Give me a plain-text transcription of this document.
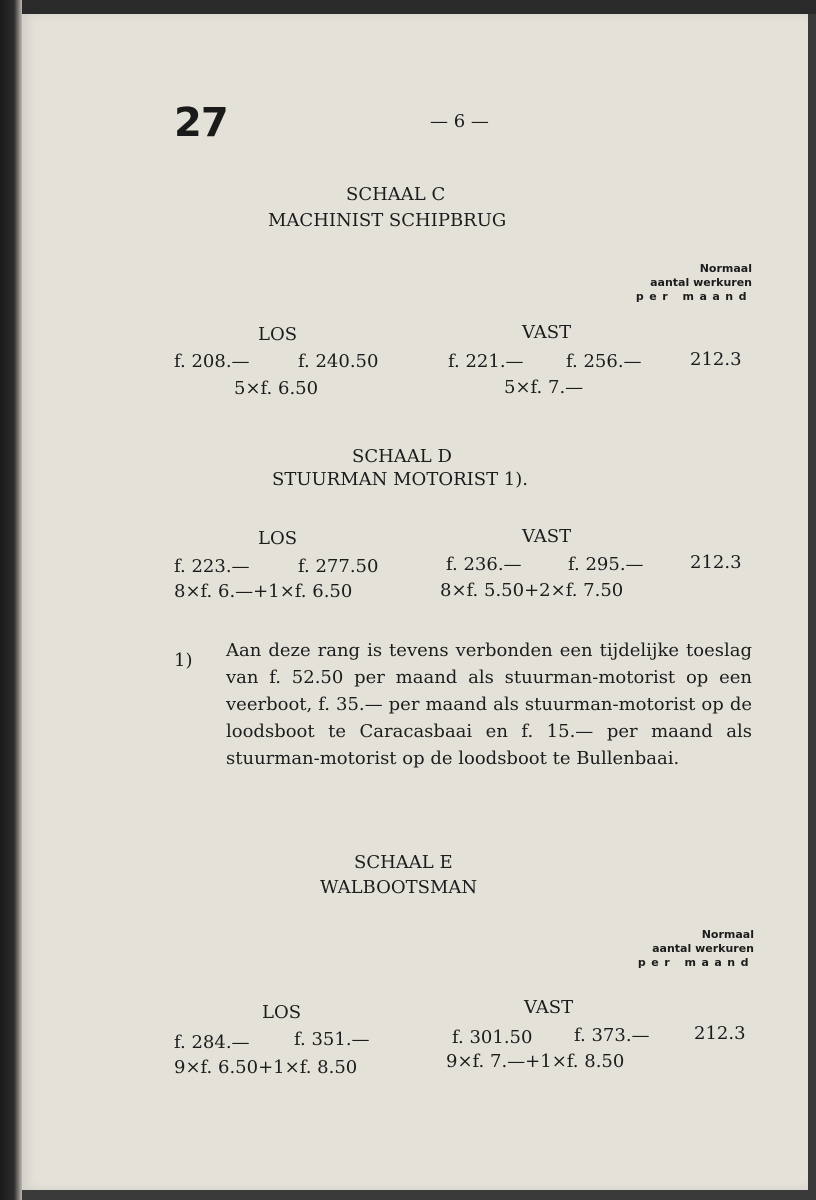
27	— 6 —
SCHAAL C
MACHINIST SCHIPBRUG
Normaal
aantal werkuren
per maand
LOS	VAST
f. 208.—	f. 240.50	f. 221.— f. 256.—	212.3
5×f. 6.50	5×f. 7.—
SCHAAL D
STUURMAN MOTORIST 1).
LOS	VAST
f. 223.—	f. 277.50	f. 236.—	f. 295.—	212.3
8×f. 6.—+1×f. 6.50	8×f. 5.50+2×f. 7.50
1) Aan deze rang is tevens verbonden een tijdelijke toeslag van f. 52.50 per maand als stuurman-motorist op een veerboot, f. 35.— per maand als stuurman-motorist op de loodsboot te Caracasbaai en f. 15.— per maand als stuurman-motorist op de loodsboot te Bullenbaai.
SCHAAL E
WALBOOTSMAN
Normaal
aantal werkuren
per maand
LOS	VAST
f. 284.— f. 351.—	f. 301.50 f. 373.— 212.3
9×f. 6.50+1×f. 8.50	9×f. 7.—+1×f. 8.50
